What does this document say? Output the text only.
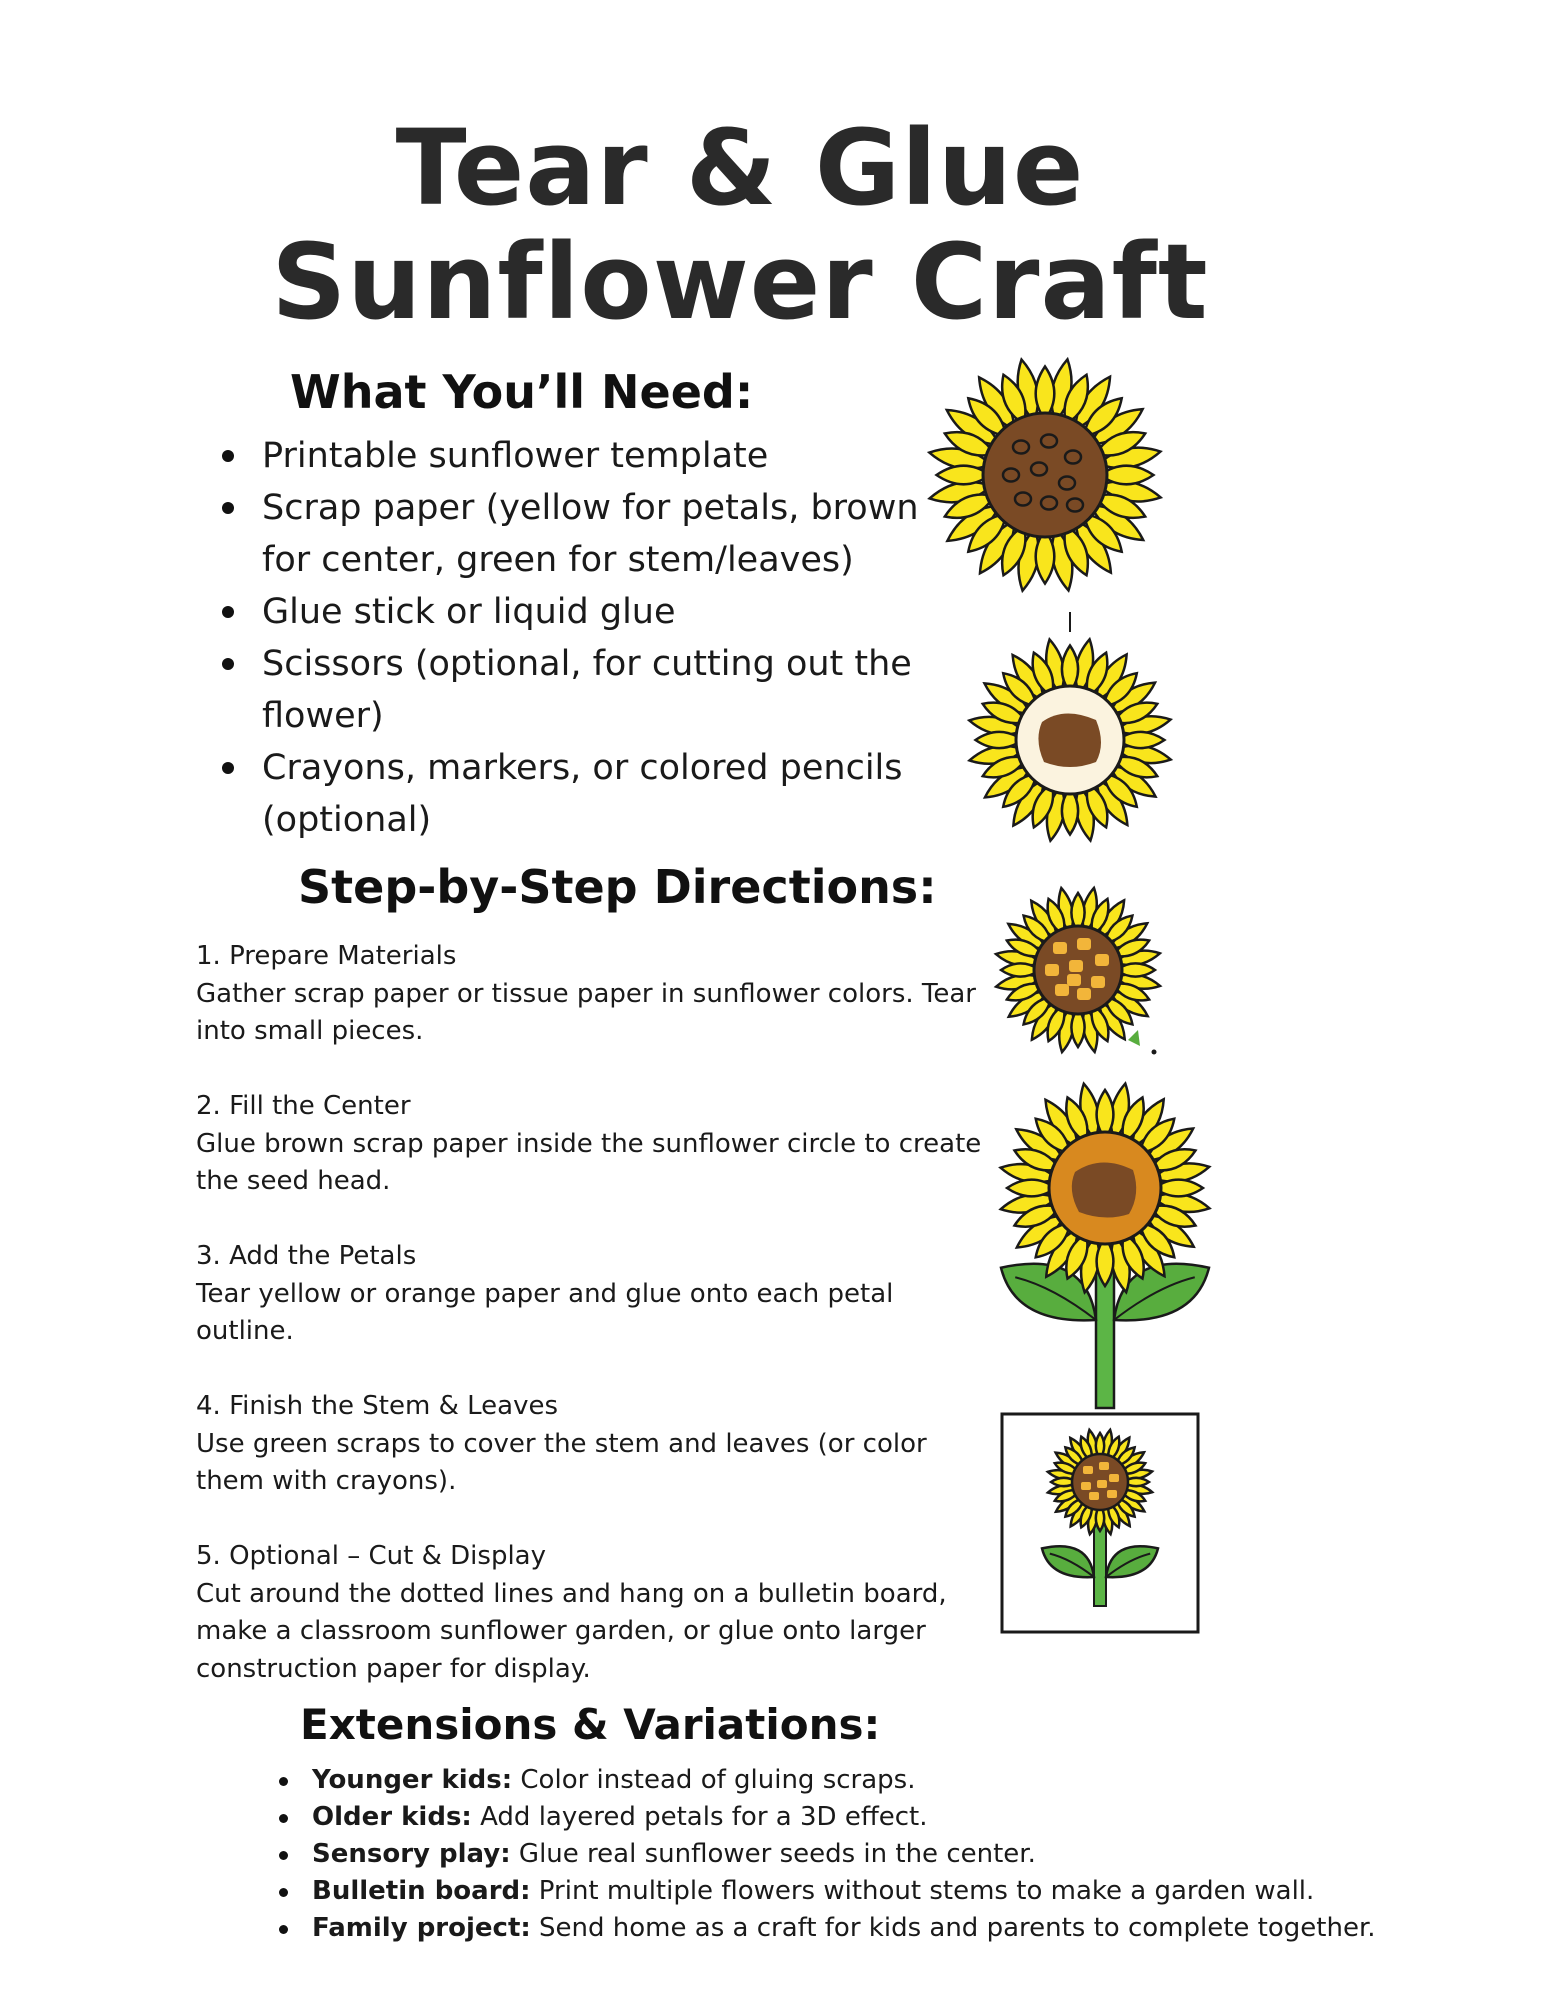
Tear & Glue
Sunflower Craft
What You’ll Need:
Printable sunflower template
Scrap paper (yellow for petals, brown for center, green for stem/leaves)
Glue stick or liquid glue
Scissors (optional, for cutting out the flower)
Crayons, markers, or colored pencils (optional)
Step-by-Step Directions:
1. Prepare Materials
Gather scrap paper or tissue paper in sunflower colors. Tear into small pieces.
2. Fill the Center
Glue brown scrap paper inside the sunflower circle to create the seed head.
3. Add the Petals
Tear yellow or orange paper and glue onto each petal outline.
4. Finish the Stem & Leaves
Use green scraps to cover the stem and leaves (or color them with crayons).
5. Optional – Cut & Display
Cut around the dotted lines and hang on a bulletin board, make a classroom sunflower garden, or glue onto larger construction paper for display.
Extensions & Variations:
Younger kids: Color instead of gluing scraps.
Older kids: Add layered petals for a 3D effect.
Sensory play: Glue real sunflower seeds in the center.
Bulletin board: Print multiple flowers without stems to make a garden wall.
Family project: Send home as a craft for kids and parents to complete together.
